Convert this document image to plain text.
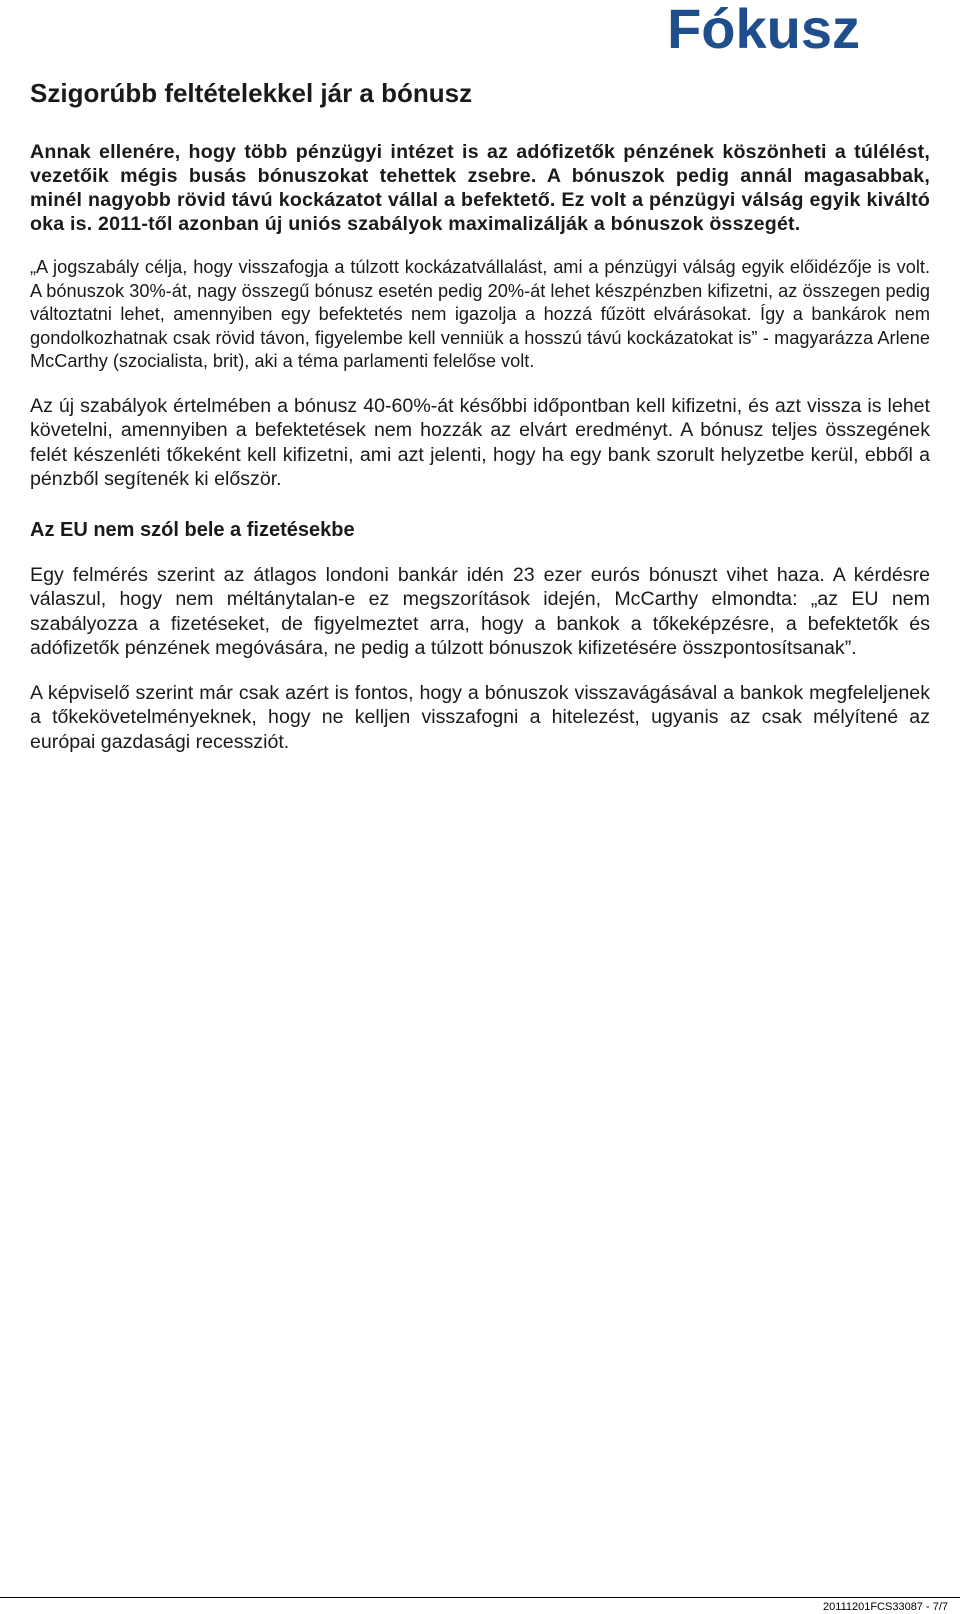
Fókusz
Szigorúbb feltételekkel jár a bónusz

Annak ellenére, hogy több pénzügyi intézet is az adófizetők pénzének köszönheti a túlélést, vezetőik mégis busás bónuszokat tehettek zsebre. A bónuszok pedig annál magasabbak, minél nagyobb rövid távú kockázatot vállal a befektető. Ez volt a pénzügyi válság egyik kiváltó oka is. 2011-től azonban új uniós szabályok maximalizálják a bónuszok összegét.

„A jogszabály célja, hogy visszafogja a túlzott kockázatvállalást, ami a pénzügyi válság egyik előidézője is volt. A bónuszok 30%-át, nagy összegű bónusz esetén pedig 20%-át lehet készpénzben kifizetni, az összegen pedig változtatni lehet, amennyiben egy befektetés nem igazolja a hozzá fűzött elvárásokat. Így a bankárok nem gondolkozhatnak csak rövid távon, figyelembe kell venniük a hosszú távú kockázatokat is” - magyarázza Arlene McCarthy (szocialista, brit), aki a téma parlamenti felelőse volt.

Az új szabályok értelmében a bónusz 40-60%-át későbbi időpontban kell kifizetni, és azt vissza is lehet követelni, amennyiben a befektetések nem hozzák az elvárt eredményt. A bónusz teljes összegének felét készenléti tőkeként kell kifizetni, ami azt jelenti, hogy ha egy bank szorult helyzetbe kerül, ebből a pénzből segítenék ki először.

Az EU nem szól bele a fizetésekbe

Egy felmérés szerint az átlagos londoni bankár idén 23 ezer eurós bónuszt vihet haza. A kérdésre válaszul, hogy nem méltánytalan-e ez megszorítások idején, McCarthy elmondta: „az EU nem szabályozza a fizetéseket, de figyelmeztet arra, hogy a bankok a tőkeképzésre, a befektetők és adófizetők pénzének megóvására, ne pedig a túlzott bónuszok kifizetésére összpontosítsanak”.

A képviselő szerint már csak azért is fontos, hogy a bónuszok visszavágásával a bankok megfeleljenek a tőkekövetelményeknek, hogy ne kelljen visszafogni a hitelezést, ugyanis az csak mélyítené az európai gazdasági recessziót.

20111201FCS33087 - 7/7
